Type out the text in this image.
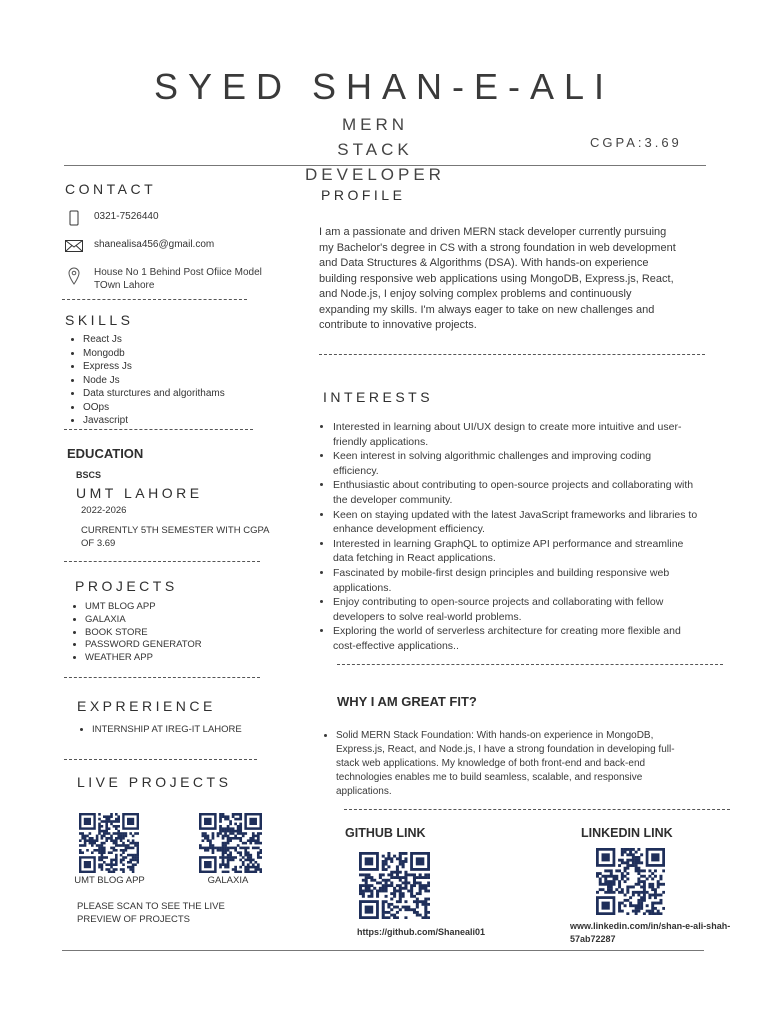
SYED SHAN-E-ALI
MERN STACK
DEVELOPER
CGPA:3.69
CONTACT
0321-7526440
shanealisa456@gmail.com
House No 1 Behind Post Ofiice Model
TOwn Lahore
SKILLS
• React Js
• Mongodb
• Express Js
• Node Js
• Data sturctures and algorithams
• OOps
• Javascript
EDUCATION
BSCS
UMT LAHORE
2022-2026
CURRENTLY 5TH SEMESTER WITH CGPA
OF 3.69
PROJECTS
• UMT BLOG APP
• GALAXIA
• BOOK STORE
• PASSWORD GENERATOR
• WEATHER APP
EXPRERIENCE
• INTERNSHIP AT IREG-IT LAHORE
LIVE PROJECTS
UMT BLOG APP	GALAXIA
PLEASE SCAN TO SEE THE LIVE
PREVIEW OF PROJECTS
PROFILE
I am a passionate and driven MERN stack developer currently pursuing
my Bachelor's degree in CS with a strong foundation in web development
and Data Structures & Algorithms (DSA). With hands-on experience
building responsive web applications using MongoDB, Express.js, React,
and Node.js, I enjoy solving complex problems and continuously
expanding my skills. I'm always eager to take on new challenges and
contribute to innovative projects.
INTERESTS
• Interested in learning about UI/UX design to create more intuitive and user-
friendly applications.
• Keen interest in solving algorithmic challenges and improving coding
efficiency.
• Enthusiastic about contributing to open-source projects and collaborating with
the developer community.
• Keen on staying updated with the latest JavaScript frameworks and libraries to
enhance development efficiency.
• Interested in learning GraphQL to optimize API performance and streamline
data fetching in React applications.
• Fascinated by mobile-first design principles and building responsive web
applications.
• Enjoy contributing to open-source projects and collaborating with fellow
developers to solve real-world problems.
• Exploring the world of serverless architecture for creating more flexible and
cost-effective applications..
WHY I AM GREAT FIT?
• Solid MERN Stack Foundation: With hands-on experience in MongoDB,
Express.js, React, and Node.js, I have a strong foundation in developing full-
stack web applications. My knowledge of both front-end and back-end
technologies enables me to build seamless, scalable, and responsive
applications.
GITHUB LINK
https://github.com/Shaneali01
LINKEDIN LINK
www.linkedin.com/in/shan-e-ali-shah-
57ab72287
